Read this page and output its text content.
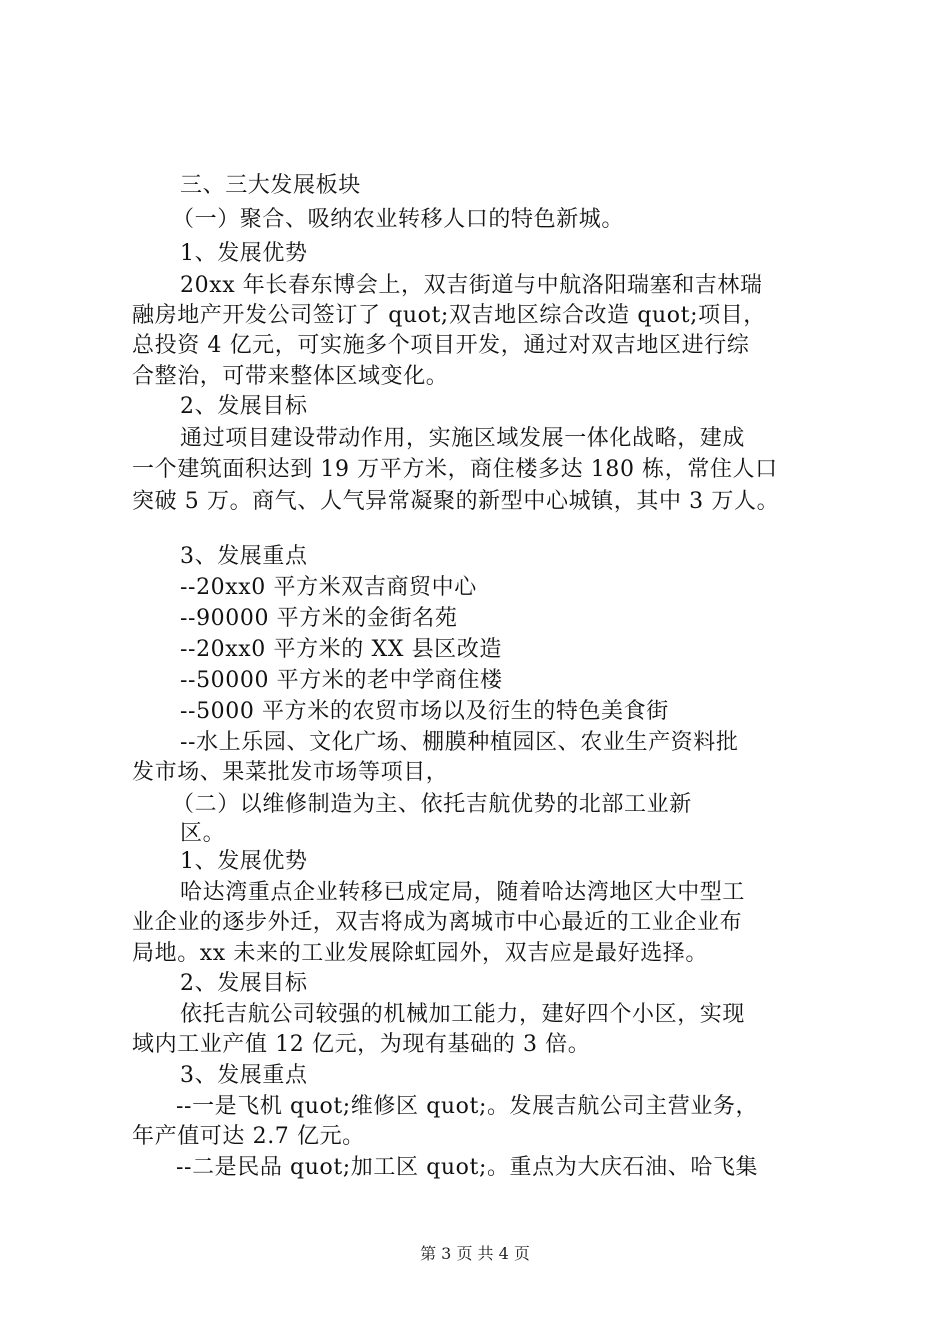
三、三大发展板块
（一）聚合、吸纳农业转移人口的特色新城。
1、发展优势
20xx 年长春东博会上，双吉街道与中航洛阳瑞塞和吉林瑞
融房地产开发公司签订了 quot;双吉地区综合改造 quot;项目，
总投资 4 亿元，可实施多个项目开发，通过对双吉地区进行综
合整治，可带来整体区域变化。
2、发展目标
通过项目建设带动作用，实施区域发展一体化战略，建成
一个建筑面积达到 19 万平方米，商住楼多达 180 栋，常住人口
突破 5 万。商气、人气异常凝聚的新型中心城镇，其中 3 万人。
3、发展重点
--20xx0 平方米双吉商贸中心
--90000 平方米的金街名苑
--20xx0 平方米的 XX 县区改造
--50000 平方米的老中学商住楼
--5000 平方米的农贸市场以及衍生的特色美食街
--水上乐园、文化广场、棚膜种植园区、农业生产资料批
发市场、果菜批发市场等项目，
（二）以维修制造为主、依托吉航优势的北部工业新
区。
1、发展优势
哈达湾重点企业转移已成定局，随着哈达湾地区大中型工
业企业的逐步外迁，双吉将成为离城市中心最近的工业企业布
局地。xx 未来的工业发展除虹园外，双吉应是最好选择。
2、发展目标
依托吉航公司较强的机械加工能力，建好四个小区，实现
域内工业产值 12 亿元，为现有基础的 3 倍。
3、发展重点
--一是飞机 quot;维修区 quot;。发展吉航公司主营业务，
年产值可达 2.7 亿元。
--二是民品 quot;加工区 quot;。重点为大庆石油、哈飞集
第 3 页 共 4 页
